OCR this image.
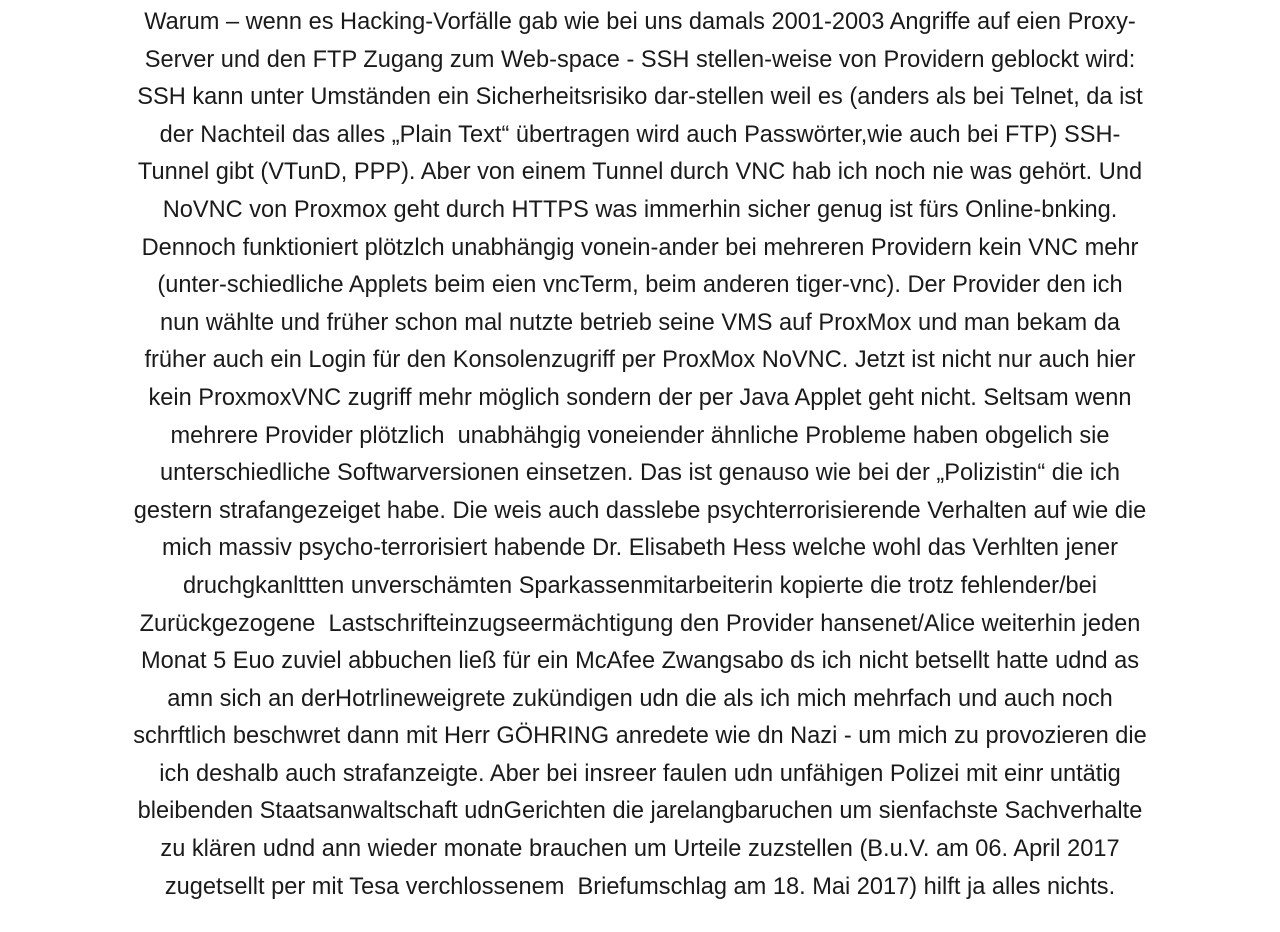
Warum – wenn es Hacking-Vorfälle gab wie bei uns damals 2001-2003 Angriffe auf eien Proxy-
Server und den FTP Zugang zum Web-space - SSH stellen-weise von Providern geblockt wird:
SSH kann unter Umständen ein Sicherheitsrisiko dar-stellen weil es (anders als bei Telnet, da ist
der Nachteil das alles „Plain Text“ übertragen wird auch Passwörter,wie auch bei FTP) SSH-
Tunnel gibt (VTunD, PPP). Aber von einem Tunnel durch VNC hab ich noch nie was gehört. Und
NoVNC von Proxmox geht durch HTTPS was immerhin sicher genug ist fürs Online-bnking.
Dennoch funktioniert plötzlch unabhängig vonein-ander bei mehreren Providern kein VNC mehr
(unter-schiedliche Applets beim eien vncTerm, beim anderen tiger-vnc). Der Provider den ich
nun wählte und früher schon mal nutzte betrieb seine VMS auf ProxMox und man bekam da
früher auch ein Login für den Konsolenzugriff per ProxMox NoVNC. Jetzt ist nicht nur auch hier
kein ProxmoxVNC zugriff mehr möglich sondern der per Java Applet geht nicht. Seltsam wenn
mehrere Provider plötzlich  unabhähgig voneiender ähnliche Probleme haben obgelich sie
unterschiedliche Softwarversionen einsetzen. Das ist genauso wie bei der „Polizistin“ die ich
gestern strafangezeiget habe. Die weis auch dasslebe psychterrorisierende Verhalten auf wie die
mich massiv psycho-terrorisiert habende Dr. Elisabeth Hess welche wohl das Verhlten jener
druchgkanlttten unverschämten Sparkassenmitarbeiterin kopierte die trotz fehlender/bei
Zurückgezogene  Lastschrifteinzugseermächtigung den Provider hansenet/Alice weiterhin jeden
Monat 5 Euo zuviel abbuchen ließ für ein McAfee Zwangsabo ds ich nicht betsellt hatte udnd as
amn sich an derHotrlineweigrete zukündigen udn die als ich mich mehrfach und auch noch
schrftlich beschwret dann mit Herr GÖHRING anredete wie dn Nazi - um mich zu provozieren die
ich deshalb auch strafanzeigte. Aber bei insreer faulen udn unfähigen Polizei mit einr untätig
bleibenden Staatsanwaltschaft udnGerichten die jarelangbaruchen um sienfachste Sachverhalte
zu klären udnd ann wieder monate brauchen um Urteile zuzstellen (B.u.V. am 06. April 2017
zugetsellt per mit Tesa verchlossenem  Briefumschlag am 18. Mai 2017) hilft ja alles nichts.
